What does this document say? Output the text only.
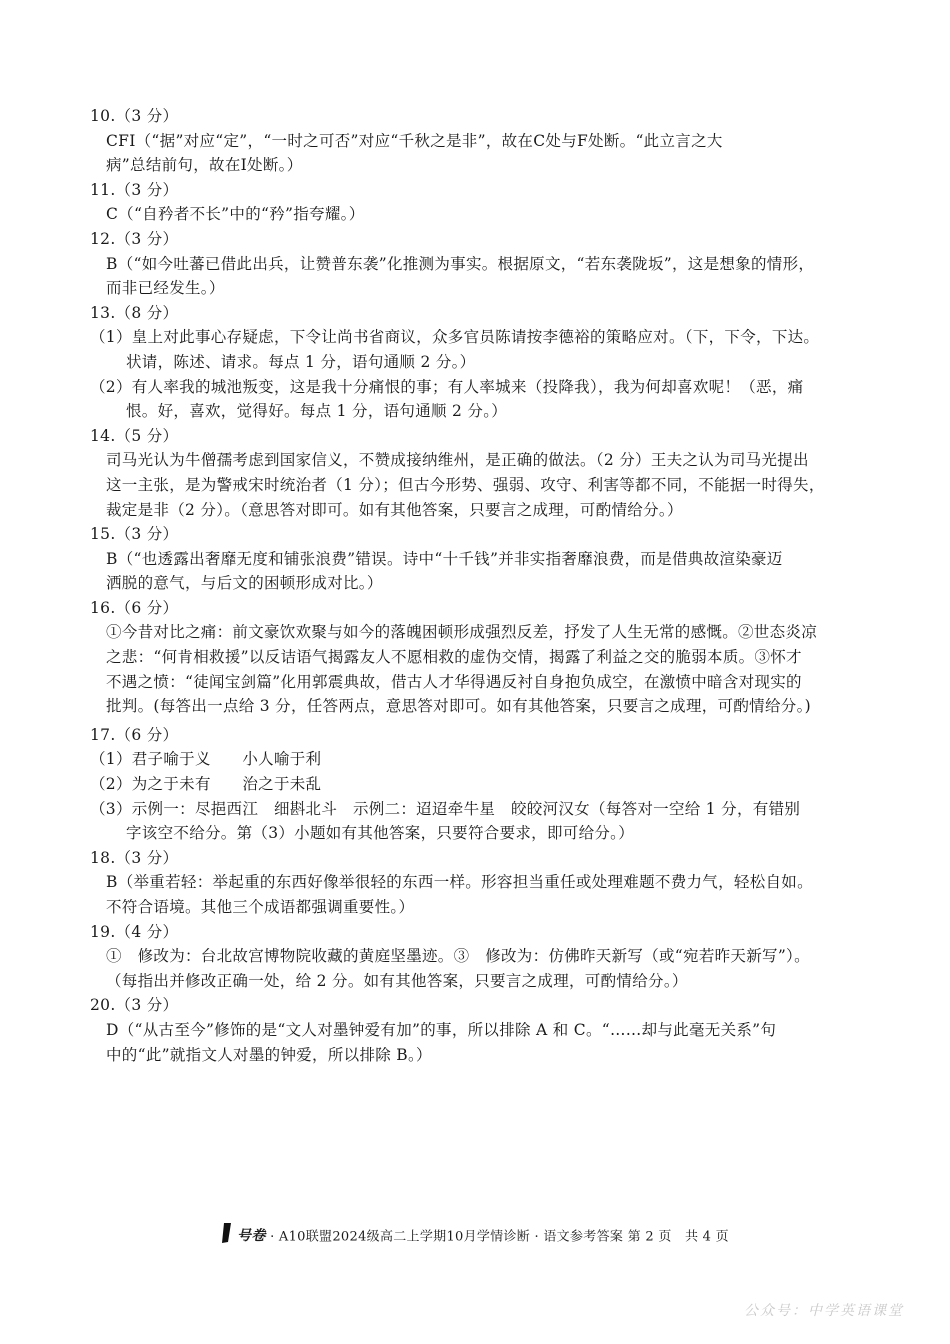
10.（3 分）
CFI（“据”对应“定”，“一时之可否”对应“千秋之是非”，故在C处与F处断。“此立言之大
病”总结前句，故在I处断。）
11.（3 分）
C（“自矜者不长”中的“矜”指夸耀。）
12.（3 分）
B（“如今吐蕃已借此出兵，让赞普东袭”化推测为事实。根据原文，“若东袭陇坂”，这是想象的情形，
而非已经发生。）
13.（8 分）
（1）皇上对此事心存疑虑，下令让尚书省商议，众多官员陈请按李德裕的策略应对。（下，下令，下达。
状请，陈述、请求。每点 1 分，语句通顺 2 分。）
（2）有人率我的城池叛变，这是我十分痛恨的事；有人率城来（投降我），我为何却喜欢呢！（恶，痛
恨。好，喜欢，觉得好。每点 1 分，语句通顺 2 分。）
14.（5 分）
司马光认为牛僧孺考虑到国家信义，不赞成接纳维州，是正确的做法。（2 分）王夫之认为司马光提出
这一主张，是为警戒宋时统治者（1 分）；但古今形势、强弱、攻守、利害等都不同，不能据一时得失，
裁定是非（2 分）。（意思答对即可。如有其他答案，只要言之成理，可酌情给分。）
15.（3 分）
B（“也透露出奢靡无度和铺张浪费”错误。诗中“十千钱”并非实指奢靡浪费，而是借典故渲染豪迈
洒脱的意气，与后文的困顿形成对比。）
16.（6 分）
①今昔对比之痛：前文豪饮欢聚与如今的落魄困顿形成强烈反差，抒发了人生无常的感慨。②世态炎凉
之悲：“何肯相救援”以反诘语气揭露友人不愿相救的虚伪交情，揭露了利益之交的脆弱本质。③怀才
不遇之愤：“徒闻宝剑篇”化用郭震典故，借古人才华得遇反衬自身抱负成空，在激愤中暗含对现实的
批判。(每答出一点给 3 分，任答两点，意思答对即可。如有其他答案，只要言之成理，可酌情给分。)
17.（6 分）
（1）君子喻于义　　小人喻于利
（2）为之于未有　　治之于未乱
（3）示例一：尽挹西江　细斟北斗　示例二：迢迢牵牛星　皎皎河汉女（每答对一空给 1 分，有错别
字该空不给分。第（3）小题如有其他答案，只要符合要求，即可给分。）
18.（3 分）
B（举重若轻：举起重的东西好像举很轻的东西一样。形容担当重任或处理难题不费力气，轻松自如。
不符合语境。其他三个成语都强调重要性。）
19.（4 分）
①　修改为：台北故宫博物院收藏的黄庭坚墨迹。③　修改为：仿佛昨天新写（或“宛若昨天新写”）。
（每指出并修改正确一处，给 2 分。如有其他答案，只要言之成理，可酌情给分。）
20.（3 分）
D（“从古至今”修饰的是“文人对墨钟爱有加”的事，所以排除 A 和 C。“……却与此毫无关系”句
中的“此”就指文人对墨的钟爱，所以排除 B。）
号卷 · A10联盟2024级高二上学期10月学情诊断 · 语文参考答案 第 2 页　共 4 页
公众号：中学英语课堂
